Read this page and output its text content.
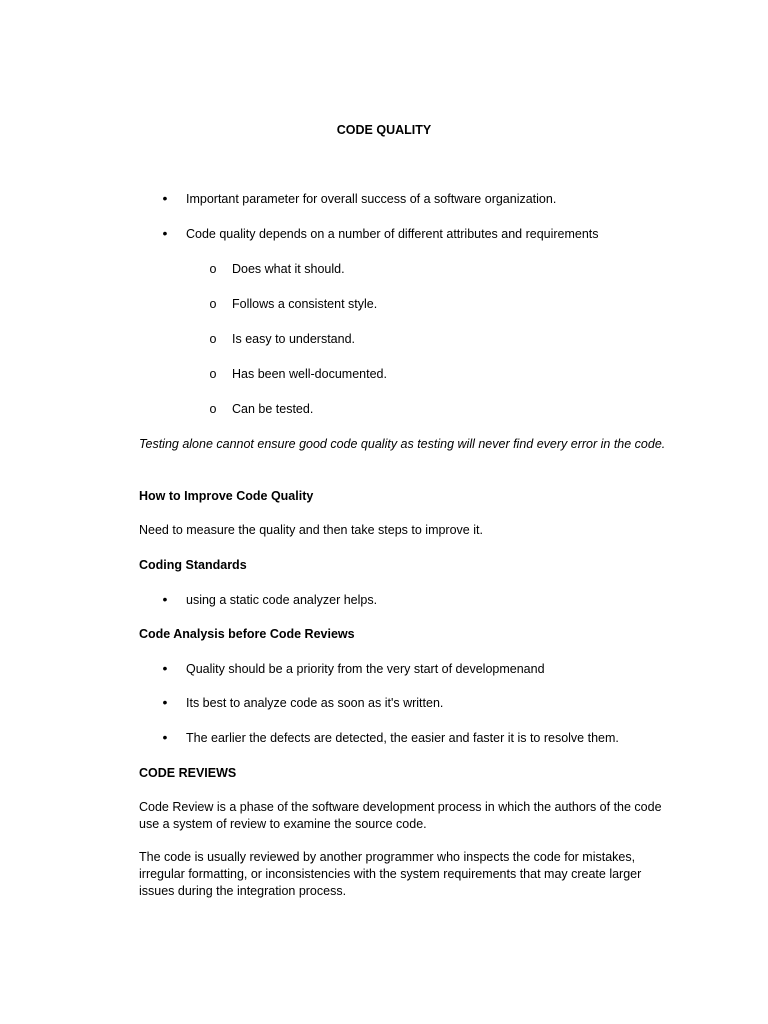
CODE QUALITY
• Important parameter for overall success of a software organization.
• Code quality depends on a number of different attributes and requirements
o Does what it should.
o Follows a consistent style.
o Is easy to understand.
o Has been well-documented.
o Can be tested.
Testing alone cannot ensure good code quality as testing will never find every error in the code.
How to Improve Code Quality
Need to measure the quality and then take steps to improve it.
Coding Standards
• using a static code analyzer helps.
Code Analysis before Code Reviews
• Quality should be a priority from the very start of developmenand
• Its best to analyze code as soon as it's written.
• The earlier the defects are detected, the easier and faster it is to resolve them.
CODE REVIEWS
Code Review is a phase of the software development process in which the authors of the code use a system of review to examine the source code.
The code is usually reviewed by another programmer who inspects the code for mistakes, irregular formatting, or inconsistencies with the system requirements that may create larger issues during the integration process.
